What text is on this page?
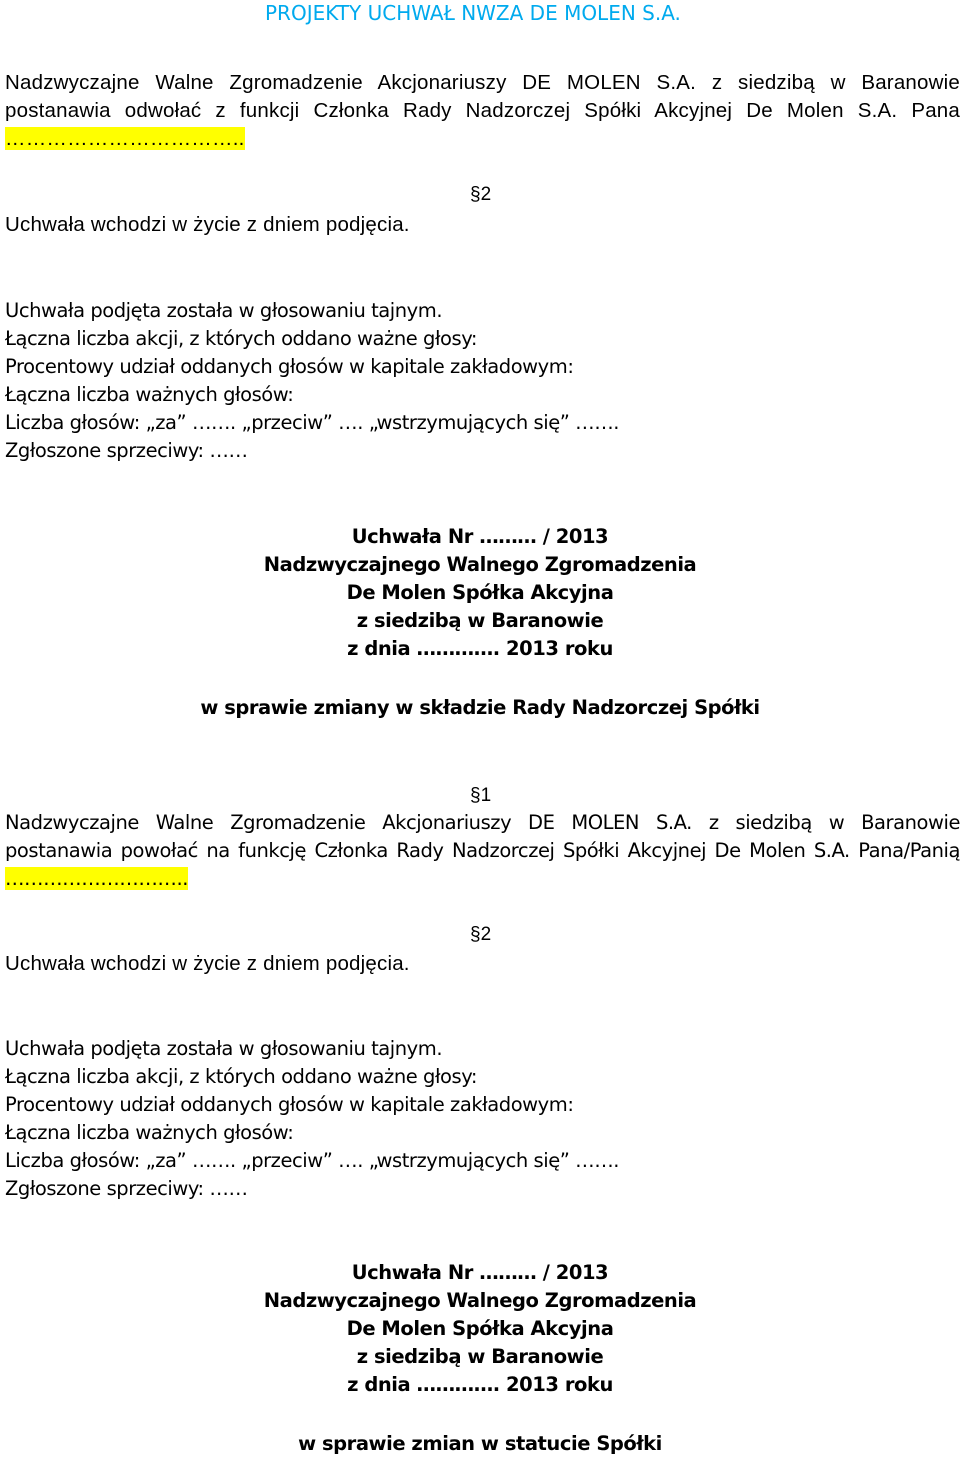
PROJEKTY UCHWAŁ NWZA DE MOLEN S.A.
Nadzwyczajne Walne Zgromadzenie Akcjonariuszy DE MOLEN S.A. z siedzibą w Baranowie
postanawia odwołać z funkcji Członka Rady Nadzorczej Spółki Akcyjnej De Molen S.A. Pana
……………………………..
§2
Uchwała wchodzi w życie z dniem podjęcia.
Uchwała podjęta została w głosowaniu tajnym.
Łączna liczba akcji, z których oddano ważne głosy:
Procentowy udział oddanych głosów w kapitale zakładowym:
Łączna liczba ważnych głosów:
Liczba głosów: „za” ……. „przeciw” …. „wstrzymujących się” …….
Zgłoszone sprzeciwy: ……
Uchwała Nr ……… / 2013
Nadzwyczajnego Walnego Zgromadzenia
De Molen Spółka Akcyjna
z siedzibą w Baranowie
z dnia …………. 2013 roku
w sprawie zmiany w składzie Rady Nadzorczej Spółki
§1
Nadzwyczajne Walne Zgromadzenie Akcjonariuszy DE MOLEN S.A. z siedzibą w Baranowie
postanawia powołać na funkcję Członka Rady Nadzorczej Spółki Akcyjnej De Molen S.A. Pana/Panią
………………………..
§2
Uchwała wchodzi w życie z dniem podjęcia.
Uchwała podjęta została w głosowaniu tajnym.
Łączna liczba akcji, z których oddano ważne głosy:
Procentowy udział oddanych głosów w kapitale zakładowym:
Łączna liczba ważnych głosów:
Liczba głosów: „za” ……. „przeciw” …. „wstrzymujących się” …….
Zgłoszone sprzeciwy: ……
Uchwała Nr ……… / 2013
Nadzwyczajnego Walnego Zgromadzenia
De Molen Spółka Akcyjna
z siedzibą w Baranowie
z dnia …………. 2013 roku
w sprawie zmian w statucie Spółki
